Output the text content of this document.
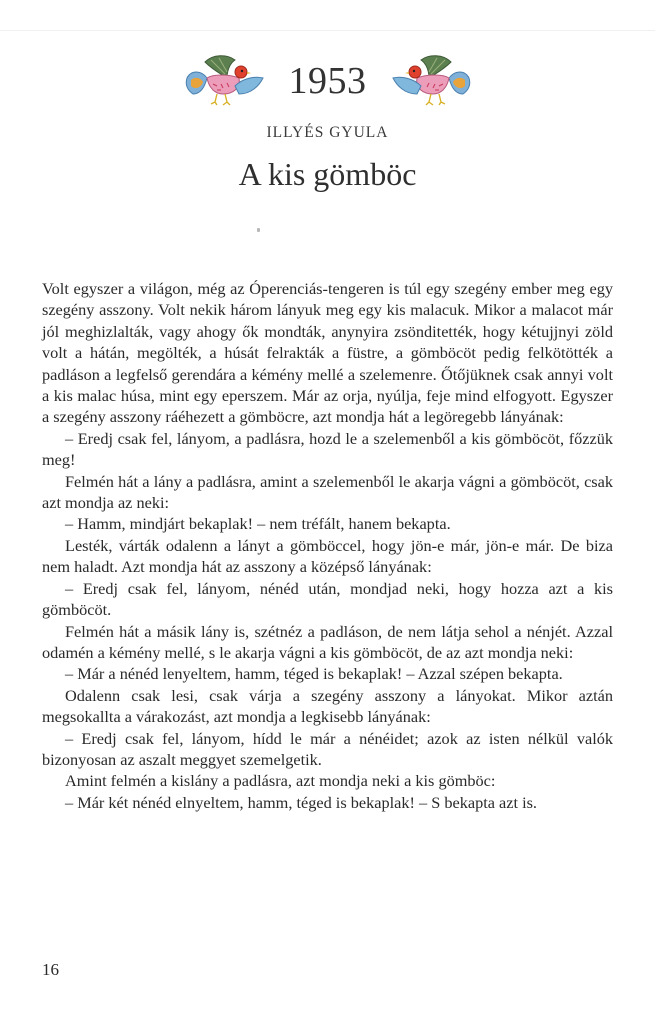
1953
ILLYÉS GYULA
A kis gömböc

Volt egyszer a világon, még az Óperenciás-tengeren is túl egy szegény ember meg egy szegény asszony. Volt nekik három lányuk meg egy kis malacuk. Mikor a malacot már jól meghizlalták, vagy ahogy ők mondták, anynyira zsönditették, hogy kétujjnyi zöld volt a hátán, megölték, a húsát felrakták a füstre, a gömböcöt pedig felkötötték a padláson a legfelső gerendára a kémény mellé a szelemenre. Őtőjüknek csak annyi volt a kis malac húsa, mint egy eperszem. Már az orja, nyúlja, feje mind elfogyott. Egyszer a szegény asszony ráéhezett a gömböcre, azt mondja hát a legöregebb lányának:

– Eredj csak fel, lányom, a padlásra, hozd le a szelemenből a kis gömböcöt, főzzük meg!

Felmén hát a lány a padlásra, amint a szelemenből le akarja vágni a gömböcöt, csak azt mondja az neki:

– Hamm, mindjárt bekaplak! – nem tréfált, hanem bekapta.

Lesték, várták odalenn a lányt a gömböccel, hogy jön-e már, jön-e már. De biza nem haladt. Azt mondja hát az asszony a középső lányának:

– Eredj csak fel, lányom, nénéd után, mondjad neki, hogy hozza azt a kis gömböcöt.

Felmén hát a másik lány is, szétnéz a padláson, de nem látja sehol a nénjét. Azzal odamén a kémény mellé, s le akarja vágni a kis gömböcöt, de az azt mondja neki:

– Már a nénéd lenyeltem, hamm, téged is bekaplak! – Azzal szépen bekapta.

Odalenn csak lesi, csak várja a szegény asszony a lányokat. Mikor aztán megsokallta a várakozást, azt mondja a legkisebb lányának:

– Eredj csak fel, lányom, hídd le már a nénéidet; azok az isten nélkül valók bizonyosan az aszalt meggyet szemelgetik.

Amint felmén a kislány a padlásra, azt mondja neki a kis gömböc:

– Már két nénéd elnyeltem, hamm, téged is bekaplak! – S bekapta azt is.

16
